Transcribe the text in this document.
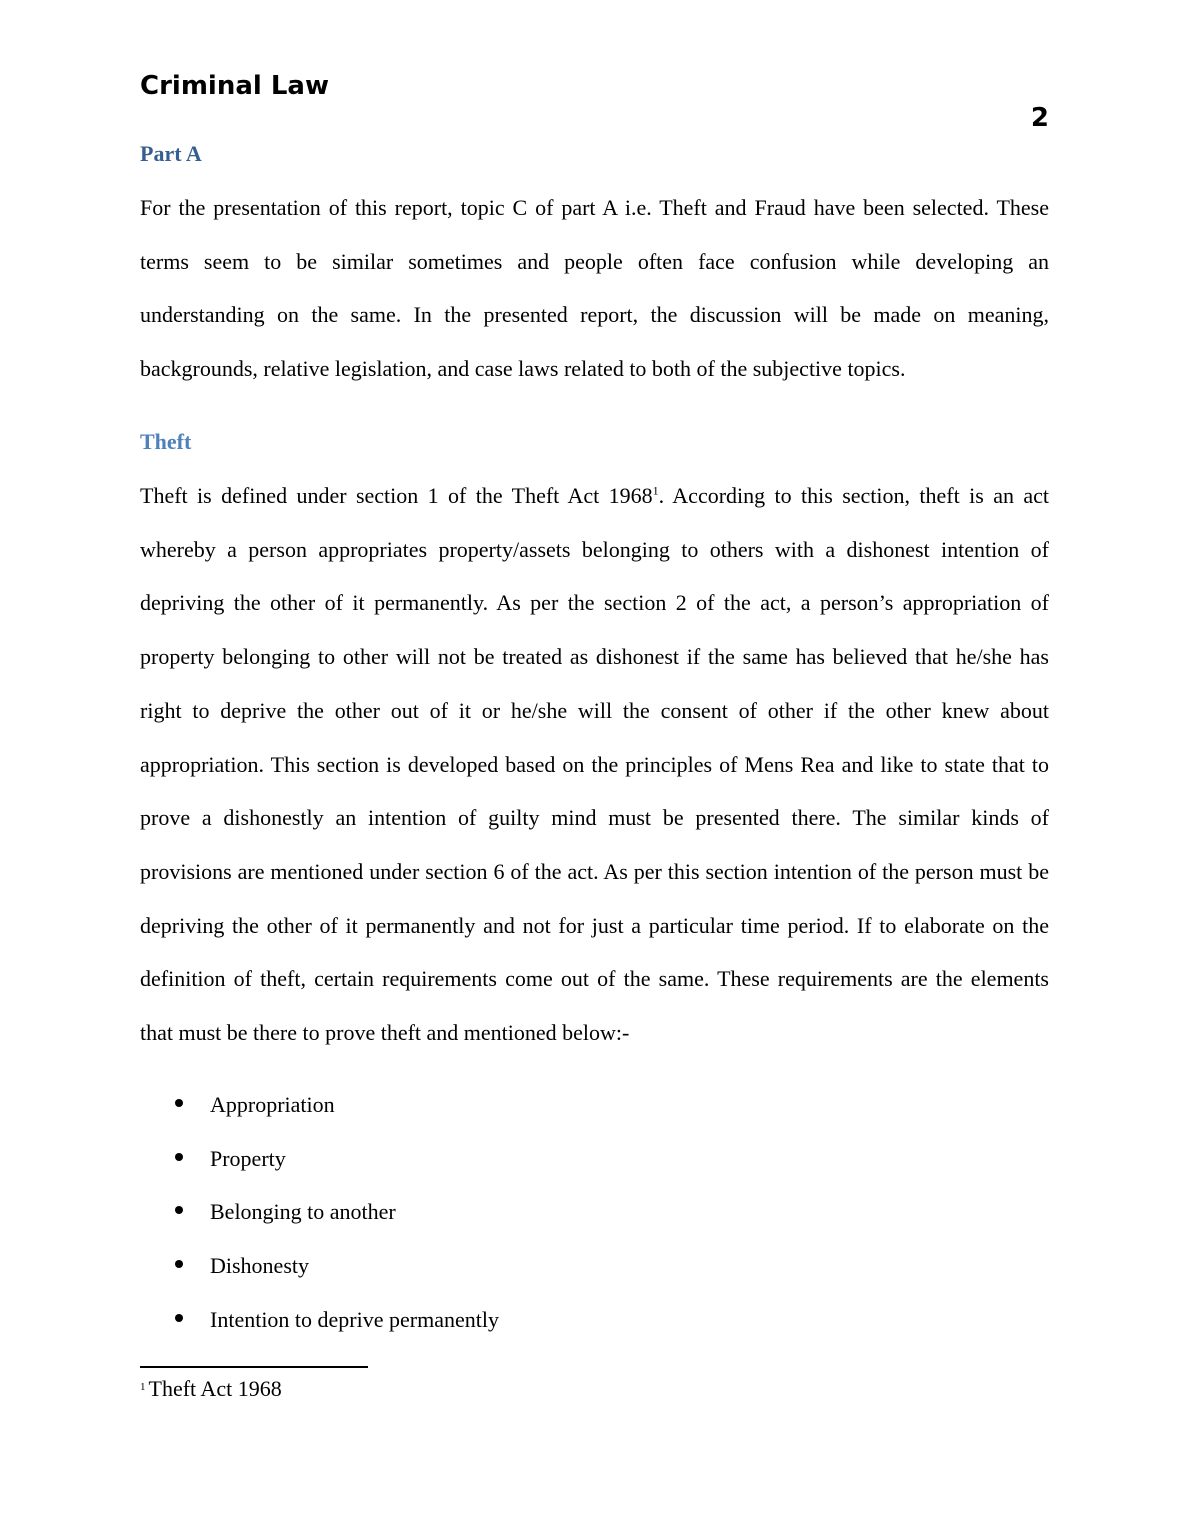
Criminal Law
2
Part A

For the presentation of this report, topic C of part A i.e. Theft and Fraud have been selected. These terms seem to be similar sometimes and people often face confusion while developing an understanding on the same. In the presented report, the discussion will be made on meaning, backgrounds, relative legislation, and case laws related to both of the subjective topics.

Theft

Theft is defined under section 1 of the Theft Act 1968$^1$. According to this section, theft is an act whereby a person appropriates property/assets belonging to others with a dishonest intention of depriving the other of it permanently. As per the section 2 of the act, a person’s appropriation of property belonging to other will not be treated as dishonest if the same has believed that he/she has right to deprive the other out of it or he/she will the consent of other if the other knew about appropriation. This section is developed based on the principles of Mens Rea and like to state that to prove a dishonestly an intention of guilty mind must be presented there. The similar kinds of provisions are mentioned under section 6 of the act. As per this section intention of the person must be depriving the other of it permanently and not for just a particular time period. If to elaborate on the definition of theft, certain requirements come out of the same. These requirements are the elements that must be there to prove theft and mentioned below:-

Appropriation
Property
Belonging to another
Dishonesty
Intention to deprive permanently
$^1$ Theft Act 1968
